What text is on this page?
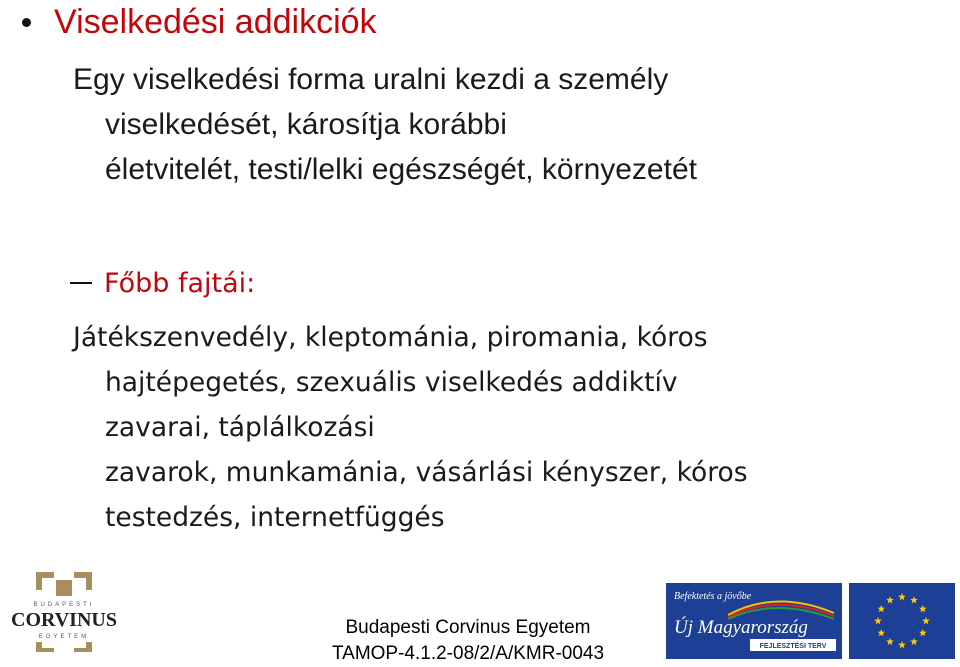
Viselkedési addikciók
Egy viselkedési forma uralni kezdi a személy
viselkedését, károsítja korábbi
életvitelét, testi/lelki egészségét, környezetét
Főbb fajtái:
Játékszenvedély, kleptománia, piromania, kóros
hajtépegetés, szexuális viselkedés addiktív
zavarai, táplálkozási
zavarok, munkamánia, vásárlási kényszer, kóros
testedzés, internetfüggés
BUDAPESTI
CORVINUS
EGYETEM	Budapesti Corvinus Egyetem
TAMOP-4.1.2-08/2/A/KMR-0043
Befektetés a jövőbe
Új Magyarország
FEJLESZTÉSI TERV
